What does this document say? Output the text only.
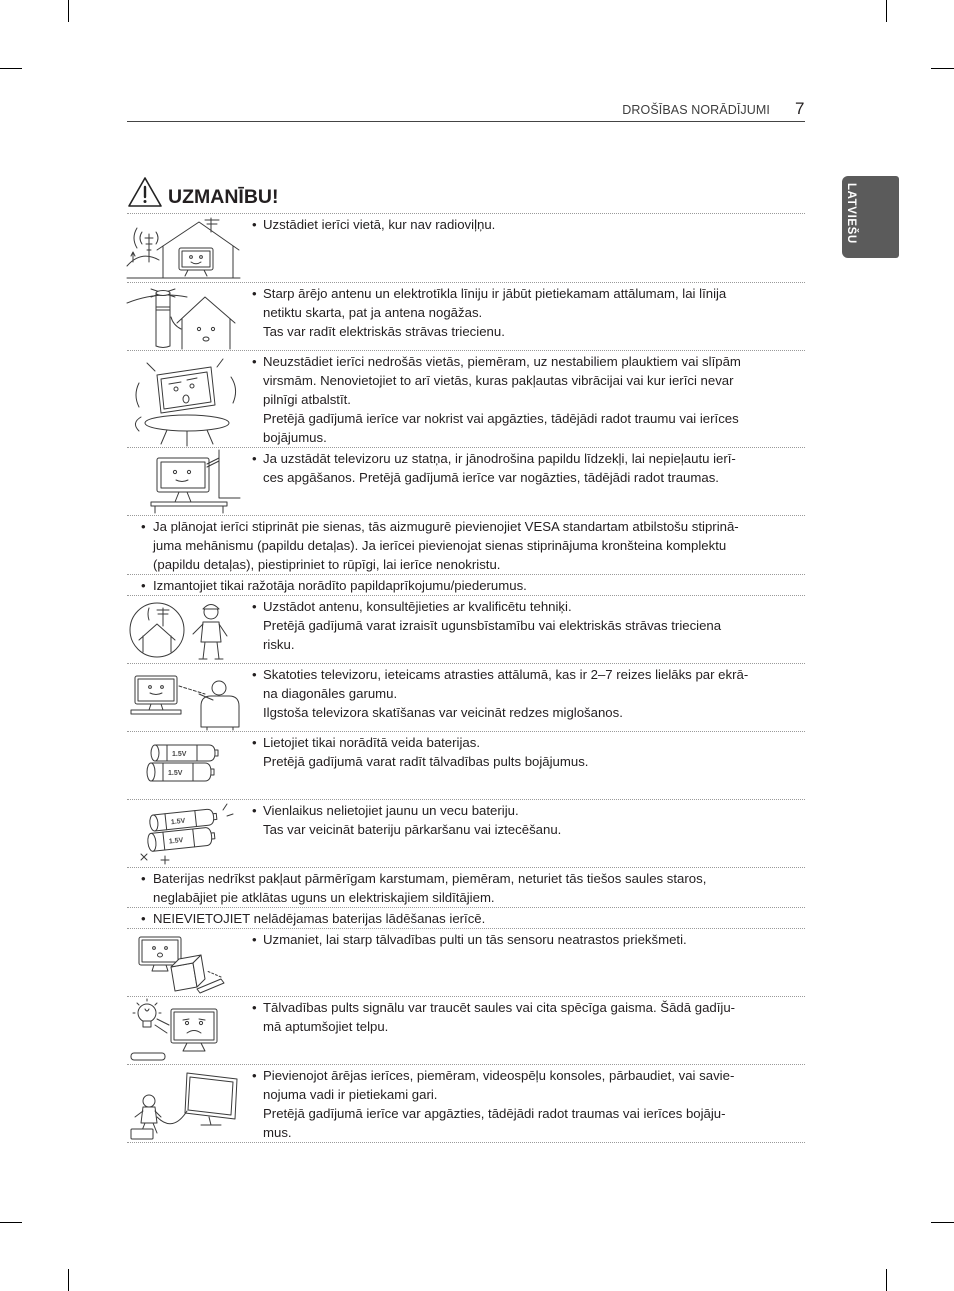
DROŠĪBAS NORĀDĪJUMI 7
LATVIEŠU
UZMANĪBU!
• Uzstādiet ierīci vietā, kur nav radioviļņu.
• Starp ārējo antenu un elektrotīkla līniju ir jābūt pietiekamam attālumam, lai līnija
netiktu skarta, pat ja antena nogāžas.
Tas var radīt elektriskās strāvas triecienu.
• Neuzstādiet ierīci nedrošās vietās, piemēram, uz nestabiliem plauktiem vai slīpām
virsmām. Nenovietojiet to arī vietās, kuras pakļautas vibrācijai vai kur ierīci nevar
pilnīgi atbalstīt.
Pretējā gadījumā ierīce var nokrist vai apgāzties, tādējādi radot traumu vai ierīces
bojājumus.
• Ja uzstādāt televizoru uz statņa, ir jānodrošina papildu līdzekļi, lai nepieļautu ierī-
ces apgāšanos. Pretējā gadījumā ierīce var nogāzties, tādējādi radot traumas.
• Ja plānojat ierīci stiprināt pie sienas, tās aizmugurē pievienojiet VESA standartam atbilstošu stiprinā-
juma mehānismu (papildu detaļas). Ja ierīcei pievienojat sienas stiprinājuma kronšteina komplektu
(papildu detaļas), piestipriniet to rūpīgi, lai ierīce nenokristu.
• Izmantojiet tikai ražotāja norādīto papildaprīkojumu/piederumus.
• Uzstādot antenu, konsultējieties ar kvalificētu tehniķi.
Pretējā gadījumā varat izraisīt ugunsbīstamību vai elektriskās strāvas trieciena
risku.
• Skatoties televizoru, ieteicams atrasties attālumā, kas ir 2–7 reizes lielāks par ekrā-
na diagonāles garumu.
Ilgstoša televizora skatīšanas var veicināt redzes miglošanos.
1.5V
1.5V
• Lietojiet tikai norādītā veida baterijas.
Pretējā gadījumā varat radīt tālvadības pults bojājumus.
1.5V
1.5V
• Vienlaikus nelietojiet jaunu un vecu bateriju.
Tas var veicināt bateriju pārkaršanu vai iztecēšanu.
• Baterijas nedrīkst pakļaut pārmērīgam karstumam, piemēram, neturiet tās tiešos saules staros,
neglabājiet pie atklātas uguns un elektriskajiem sildītājiem.
• NEIEVIETOJIET nelādējamas baterijas lādēšanas ierīcē.
• Uzmaniet, lai starp tālvadības pulti un tās sensoru neatrastos priekšmeti.
• Tālvadības pults signālu var traucēt saules vai cita spēcīga gaisma. Šādā gadīju-
mā aptumšojiet telpu.
• Pievienojot ārējas ierīces, piemēram, videospēļu konsoles, pārbaudiet, vai savie-
nojuma vadi ir pietiekami gari.
Pretējā gadījumā ierīce var apgāzties, tādējādi radot traumas vai ierīces bojāju-
mus.
